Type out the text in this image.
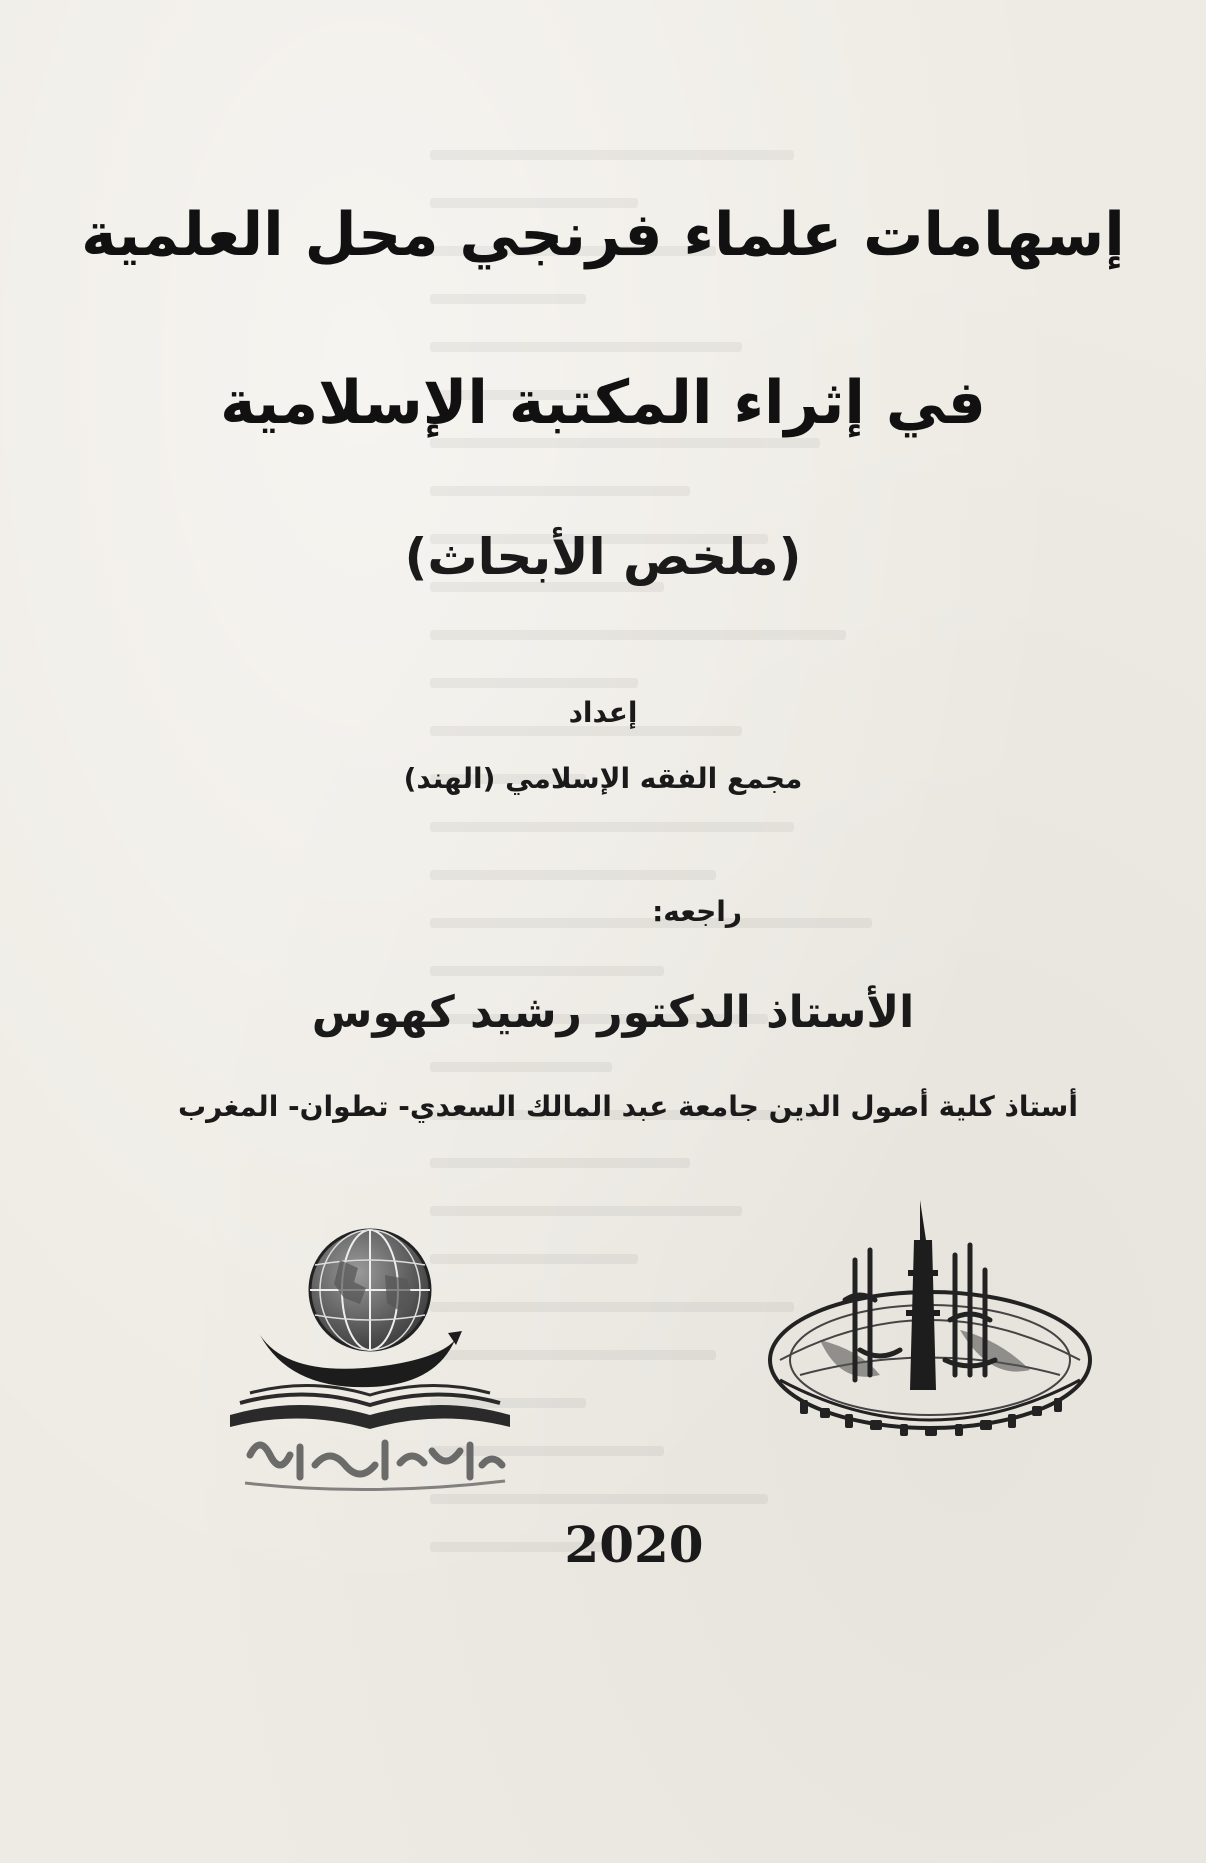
إسهامات علماء فرنجي محل العلمية
في إثراء المكتبة الإسلامية
(ملخص الأبحاث)
إعداد
مجمع الفقه الإسلامي (الهند)
راجعه:
الأستاذ الدكتور رشيد كهوس
أستاذ كلية أصول الدين جامعة عبد المالك السعدي- تطوان- المغرب
2020
